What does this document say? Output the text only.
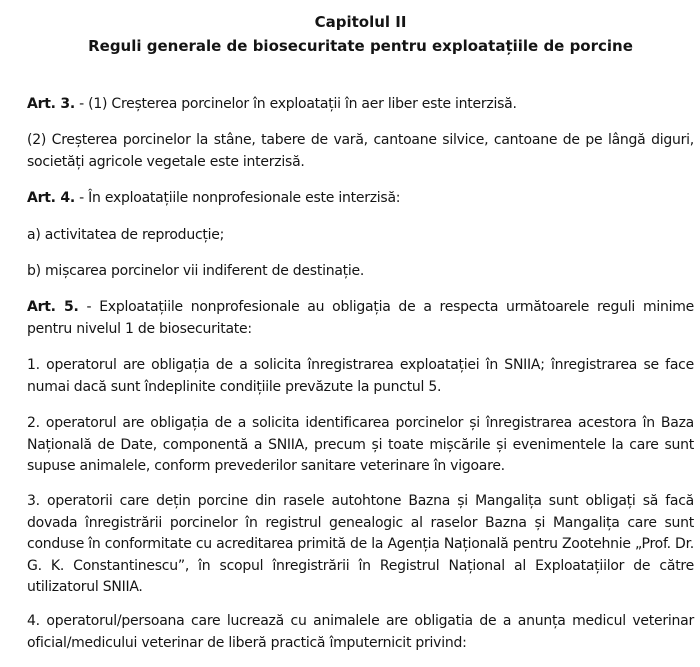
Capitolul II
Reguli generale de biosecuritate pentru exploatațiile de porcine
Art. 3. - (1) Creșterea porcinelor în exploatații în aer liber este interzisă.
(2) Creșterea porcinelor la stâne, tabere de vară, cantoane silvice, cantoane de pe lângă diguri, societăți agricole vegetale este interzisă.
Art. 4. - În exploatațiile nonprofesionale este interzisă:
a) activitatea de reproducție;
b) mișcarea porcinelor vii indiferent de destinație.
Art. 5. - Exploatațiile nonprofesionale au obligația de a respecta următoarele reguli minime pentru nivelul 1 de biosecuritate:
1. operatorul are obligația de a solicita înregistrarea exploatației în SNIIA; înregistrarea se face numai dacă sunt îndeplinite condițiile prevăzute la punctul 5.
2. operatorul are obligația de a solicita identificarea porcinelor și înregistrarea acestora în Baza Națională de Date, componentă a SNIIA, precum și toate mișcările și evenimentele la care sunt supuse animalele, conform prevederilor sanitare veterinare în vigoare.
3. operatorii care dețin porcine din rasele autohtone Bazna și Mangalița sunt obligați să facă dovada înregistrării porcinelor în registrul genealogic al raselor Bazna și Mangalița care sunt conduse în conformitate cu acreditarea primită de la Agenția Națională pentru Zootehnie „Prof. Dr. G. K. Constantinescu”, în scopul înregistrării în Registrul Național al Exploatațiilor de către utilizatorul SNIIA.
4. operatorul/persoana care lucrează cu animalele are obligatia de a anunța medicul veterinar oficial/medicului veterinar de liberă practică împuternicit privind:
